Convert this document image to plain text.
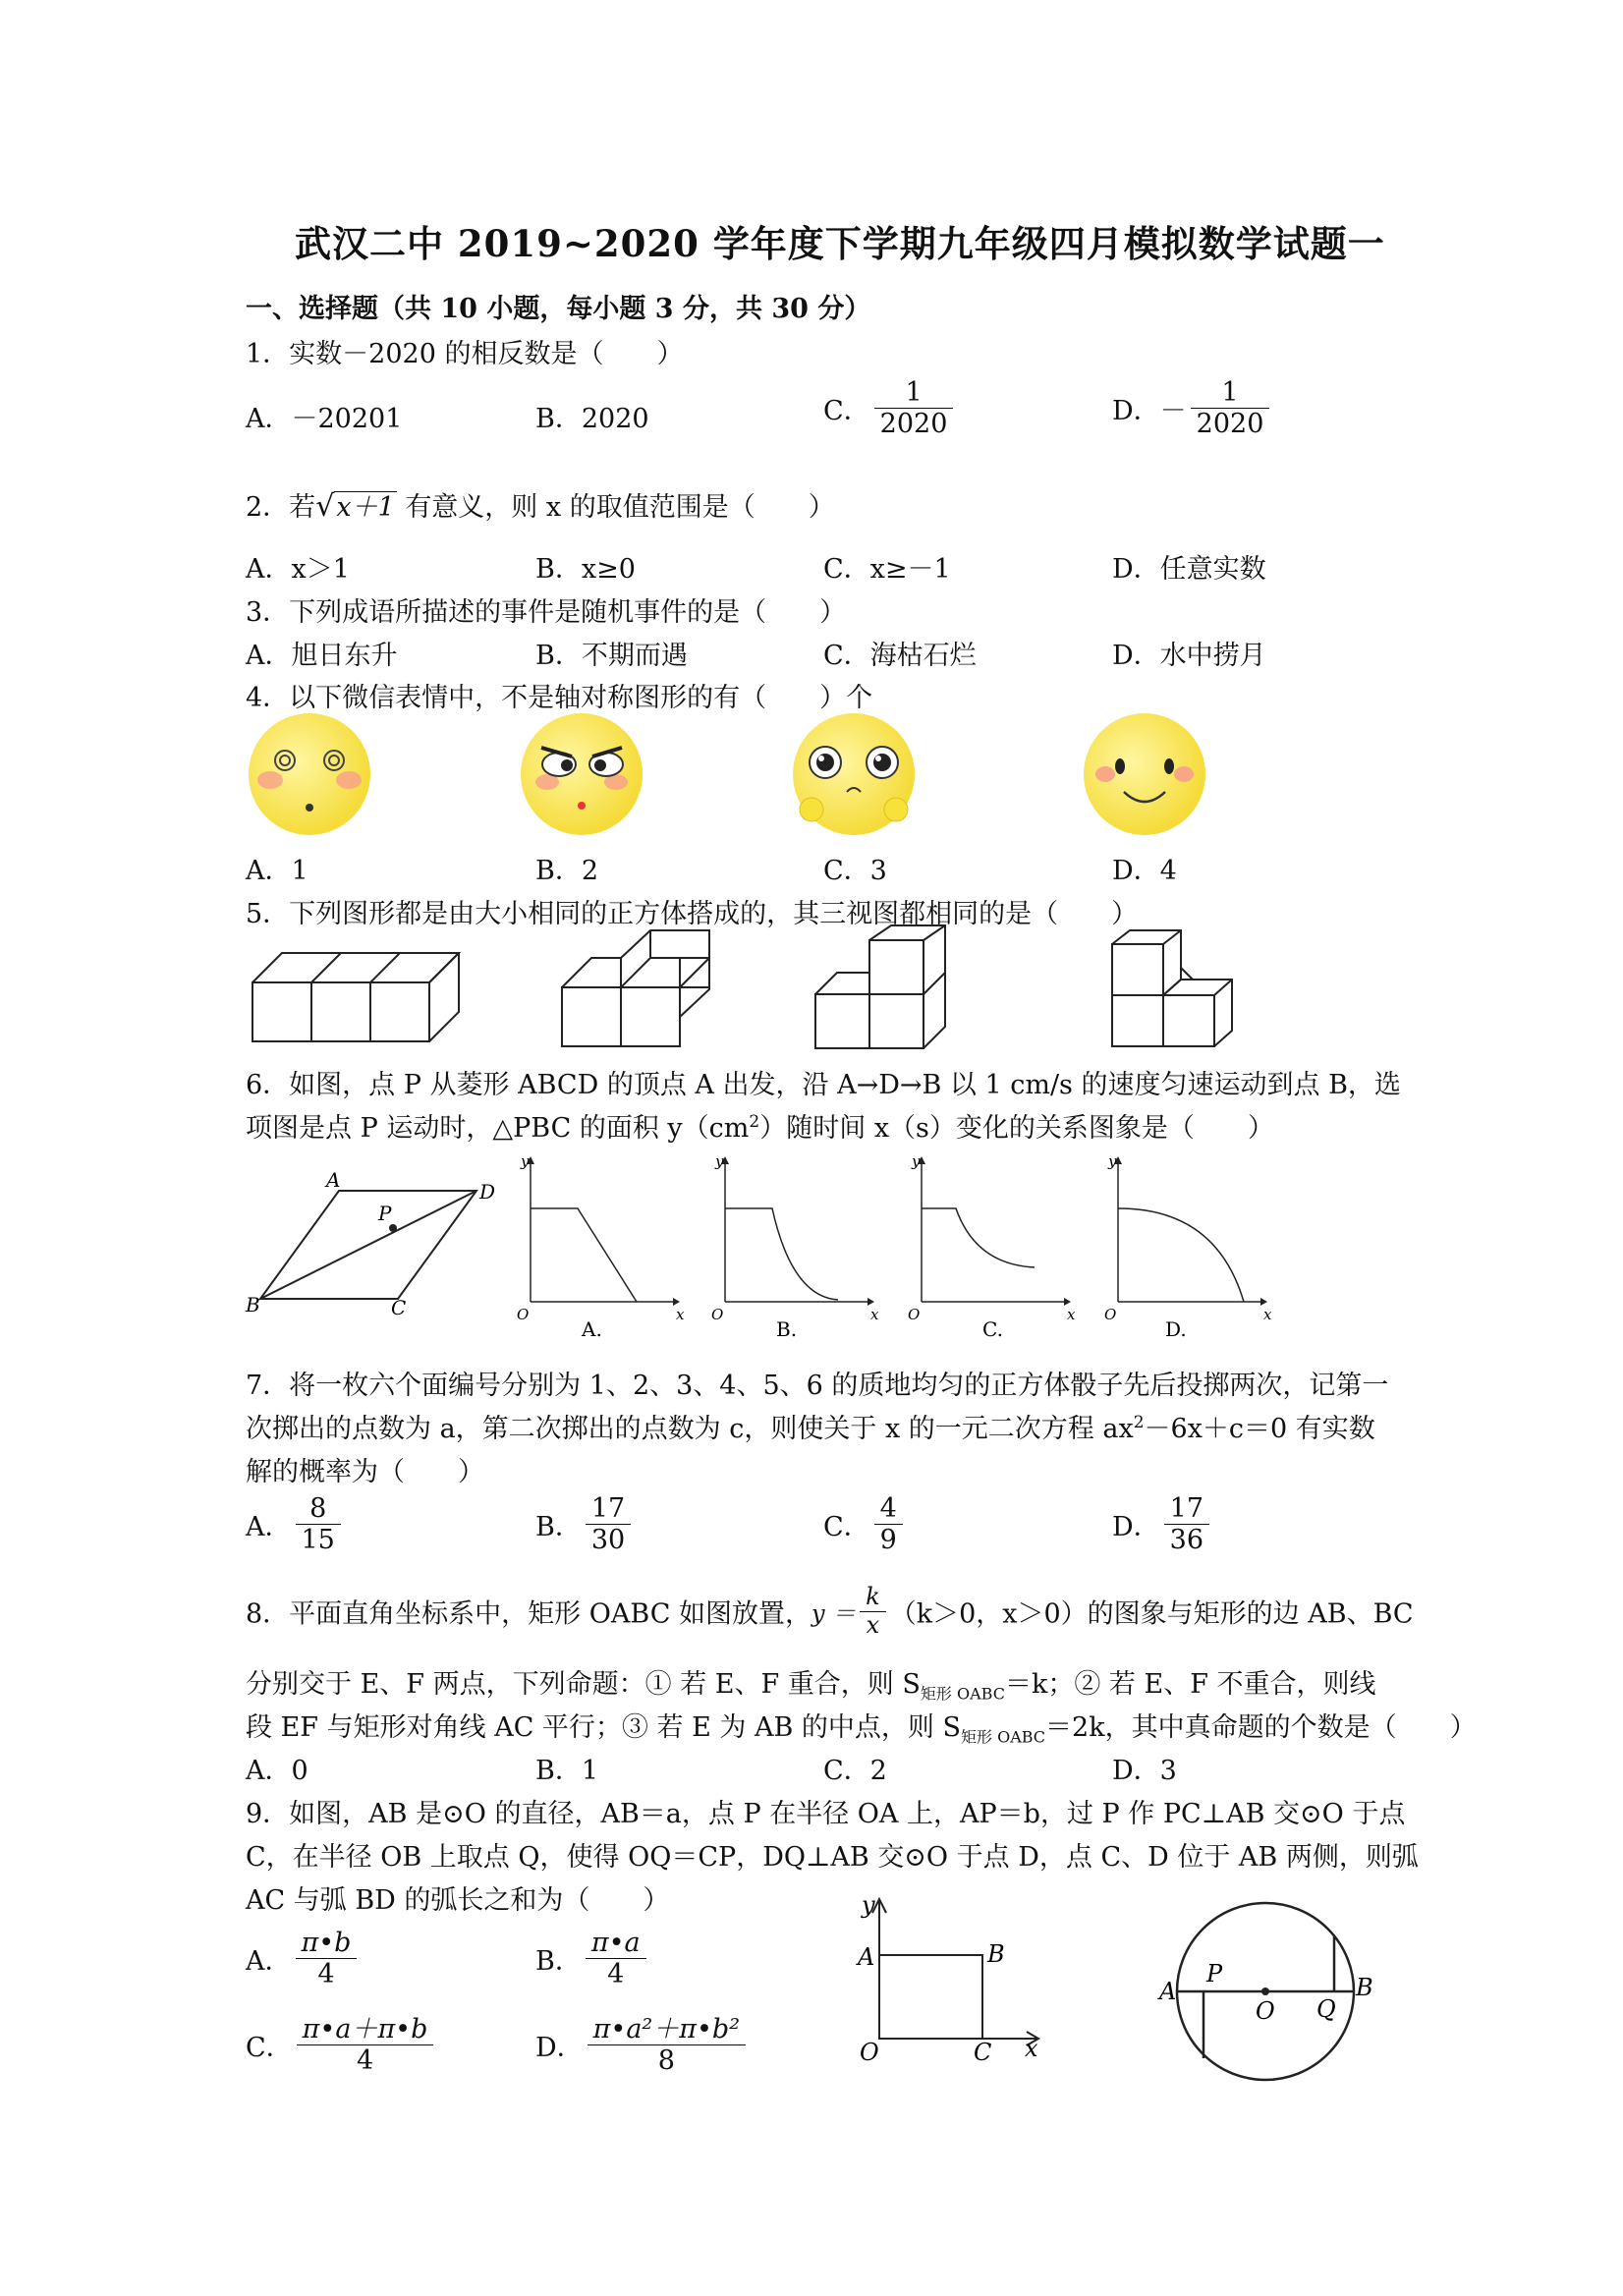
武汉二中 2019~2020 学年度下学期九年级四月模拟数学试题一
一、选择题（共 10 小题，每小题 3 分，共 30 分）
1．实数－2020 的相反数是（　　）
A．－20201	B．2020	C． $\frac{1}{2020}$	D．－ $\frac{1}{2020}$
2．若√x＋1 有意义，则 x 的取值范围是（　　）
A．x＞1	B．x≥0	C．x≥－1	D．任意实数
3．下列成语所描述的事件是随机事件的是（　　）
A．旭日东升	B．不期而遇	C．海枯石烂	D．水中捞月
4．以下微信表情中，不是轴对称图形的有（　　）个
A．1	B．2	C．3	D．4
5．下列图形都是由大小相同的正方体搭成的，其三视图都相同的是（　　）
6．如图，点 P 从菱形 ABCD 的顶点 A 出发，沿 A→D→B 以 1 cm/s 的速度匀速运动到点 B，选
项图是点 P 运动时，△PBC 的面积 $y(cm^2)$随时间 x（s）变化的关系图象是（　　）
A	D
B	C
P
y
x
O
A.
y
x
O
B.
y
x
O
C.
y
x
O
D.
7．将一枚六个面编号分别为 1、2、3、4、5、6 的质地均匀的正方体骰子先后投掷两次，记第一
次掷出的点数为 a，第二次掷出的点数为 c，则使关于 x 的一元二次方程 $ax^2-6x+c=0$ 有实数
解的概率为（　　）
A． $\frac{8}{15}$	B． $\frac{17}{30}$	C． $\frac{4}{9}$	D． $\frac{17}{36}$
8．平面直角坐标系中，矩形 OABC 如图放置，$y = \frac{k}{x} (k>0$，x＞0）的图象与矩形的边 AB、BC
分别交于 E、F 两点，下列命题：① 若 E、F 重合，则 $S_{矩形 OABC}=k$；② 若 E、F 不重合，则线
段 EF 与矩形对角线 AC 平行；③ 若 E 为 AB 的中点，则 $S_{矩形 OABC}=2k$，其中真命题的个数是（　　）
A．0	B．1	C．2	D．3
9．如图，AB 是⊙O 的直径，AB＝a，点 P 在半径 OA 上，AP＝b，过 P 作 PC⊥AB 交⊙O 于点
C，在半径 OB 上取点 Q，使得 OQ＝CP，DQ⊥AB 交⊙O 于点 D，点 C、D 位于 AB 两侧，则弧
AC 与弧 BD 的弧长之和为（　　）
A． $\frac{\pi•b}{4}$	B． $\frac{\pi•a}{4}$
C． $\frac{\pi•a+\pi•b}{4}$	D． $\frac{\text{π•a²＋π•b²}}{8}$
y
x
O
A	B
C
A
P
O Q
B
